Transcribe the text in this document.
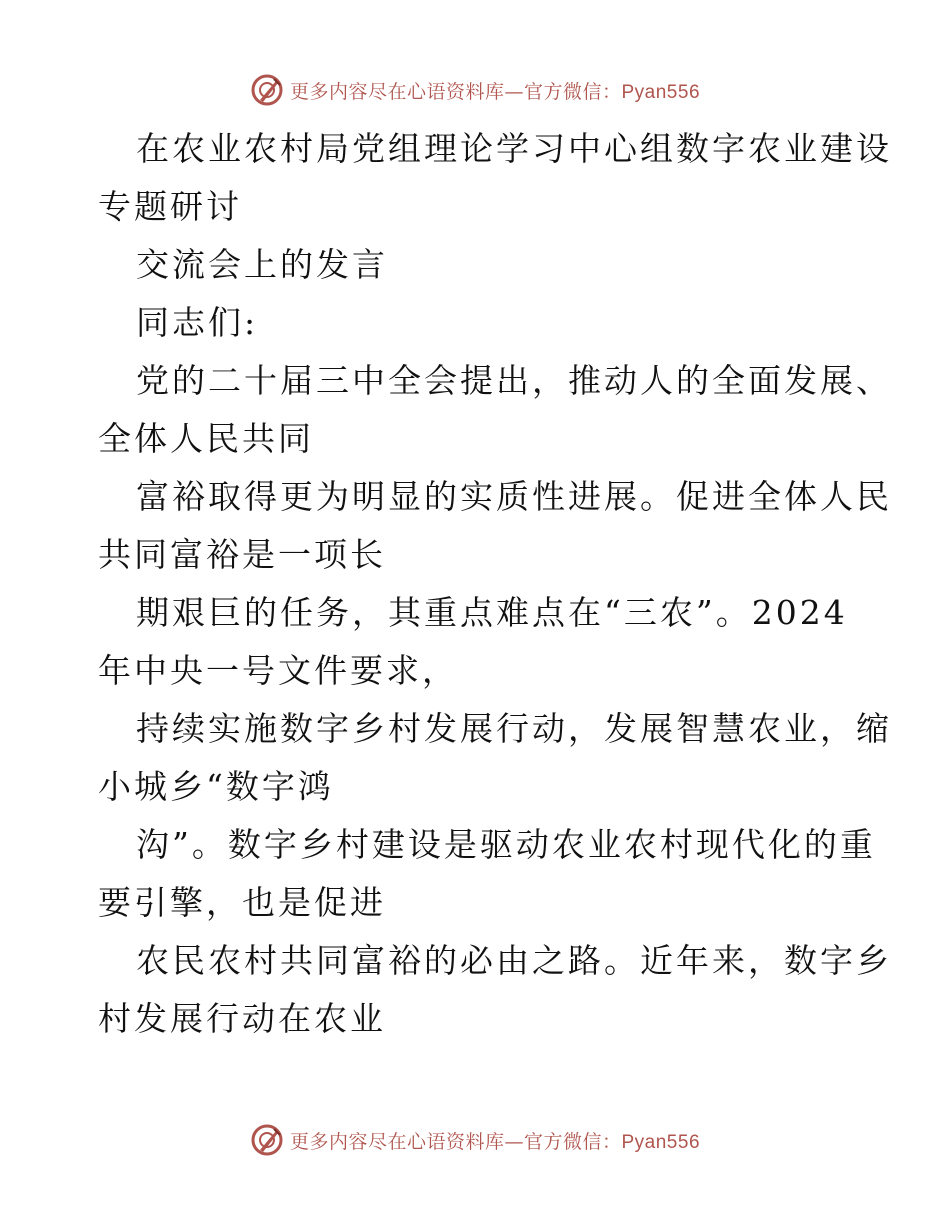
更多内容尽在心语资料库—官方微信：Pyan556

在农业农村局党组理论学习中心组数字农业建设

专题研讨

交流会上的发言

同志们:

党的二十届三中全会提出，推动人的全面发展、

全体人民共同

富裕取得更为明显的实质性进展。促进全体人民

共同富裕是一项长

期艰巨的任务，其重点难点在“三农”。2024

年中央一号文件要求，

持续实施数字乡村发展行动，发展智慧农业，缩

小城乡“数字鸿

沟”。数字乡村建设是驱动农业农村现代化的重

要引擎，也是促进

农民农村共同富裕的必由之路。近年来，数字乡

村发展行动在农业

更多内容尽在心语资料库—官方微信：Pyan556
